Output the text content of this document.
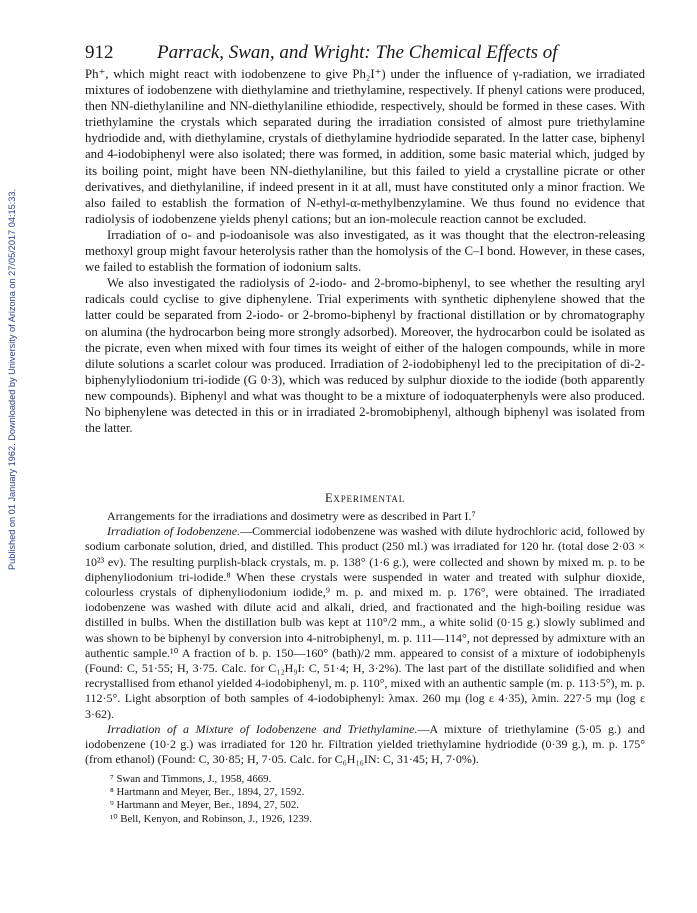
912 Parrack, Swan, and Wright: The Chemical Effects of
Published on 01 January 1962. Downloaded by University of Arizona on 27/05/2017 04:15:33.

Ph⁺, which might react with iodobenzene to give Ph₂I⁺) under the influence of γ-radiation, we irradiated mixtures of iodobenzene with diethylamine and triethylamine, respectively. If phenyl cations were produced, then NN-diethylaniline and NN-diethylaniline ethiodide, respectively, should be formed in these cases. With triethylamine the crystals which separated during the irradiation consisted of almost pure triethylamine hydriodide and, with diethylamine, crystals of diethylamine hydriodide separated. In the latter case, biphenyl and 4-iodobiphenyl were also isolated; there was formed, in addition, some basic material which, judged by its boiling point, might have been NN-diethylaniline, but this failed to yield a crystalline picrate or other derivatives, and diethylaniline, if indeed present in it at all, must have constituted only a minor fraction. We also failed to establish the formation of N-ethyl-α-methylbenzylamine. We thus found no evidence that radiolysis of iodobenzene yields phenyl cations; but an ion-molecule reaction cannot be excluded.

Irradiation of o- and p-iodoanisole was also investigated, as it was thought that the electron-releasing methoxyl group might favour heterolysis rather than the homolysis of the C–I bond. However, in these cases, we failed to establish the formation of iodonium salts.

We also investigated the radiolysis of 2-iodo- and 2-bromo-biphenyl, to see whether the resulting aryl radicals could cyclise to give diphenylene. Trial experiments with synthetic diphenylene showed that the latter could be separated from 2-iodo- or 2-bromo-biphenyl by fractional distillation or by chromatography on alumina (the hydrocarbon being more strongly adsorbed). Moreover, the hydrocarbon could be isolated as the picrate, even when mixed with four times its weight of either of the halogen compounds, while in more dilute solutions a scarlet colour was produced. Irradiation of 2-iodobiphenyl led to the precipitation of di-2-biphenylyliodonium tri-iodide (G 0·3), which was reduced by sulphur dioxide to the iodide (both apparently new compounds). Biphenyl and what was thought to be a mixture of iodoquaterphenyls were also produced. No biphenylene was detected in this or in irradiated 2-bromobiphenyl, although biphenyl was isolated from the latter.

Experimental

Arrangements for the irradiations and dosimetry were as described in Part I.⁷

Irradiation of Iodobenzene.—Commercial iodobenzene was washed with dilute hydrochloric acid, followed by sodium carbonate solution, dried, and distilled. This product (250 ml.) was irradiated for 120 hr. (total dose 2·03 × 10²³ ev). The resulting purplish-black crystals, m. p. 138° (1·6 g.), were collected and shown by mixed m. p. to be diphenyliodonium tri-iodide.⁸ When these crystals were suspended in water and treated with sulphur dioxide, colourless crystals of diphenyliodonium iodide,⁹ m. p. and mixed m. p. 176°, were obtained. The irradiated iodobenzene was washed with dilute acid and alkali, dried, and fractionated and the high-boiling residue was distilled in bulbs. When the distillation bulb was kept at 110°/2 mm., a white solid (0·15 g.) slowly sublimed and was shown to be biphenyl by conversion into 4-nitrobiphenyl, m. p. 111—114°, not depressed by admixture with an authentic sample.¹⁰ A fraction of b. p. 150—160° (bath)/2 mm. appeared to consist of a mixture of iodobiphenyls (Found: C, 51·55; H, 3·75. Calc. for C₁₂H₉I: C, 51·4; H, 3·2%). The last part of the distillate solidified and when recrystallised from ethanol yielded 4-iodobiphenyl, m. p. 110°, mixed with an authentic sample (m. p. 113·5°), m. p. 112·5°. Light absorption of both samples of 4-iodobiphenyl: λmax. 260 mμ (log ε 4·35), λmin. 227·5 mμ (log ε 3·62).

Irradiation of a Mixture of Iodobenzene and Triethylamine.—A mixture of triethylamine (5·05 g.) and iodobenzene (10·2 g.) was irradiated for 120 hr. Filtration yielded triethylamine hydriodide (0·39 g.), m. p. 175° (from ethanol) (Found: C, 30·85; H, 7·05. Calc. for C₆H₁₆IN: C, 31·45; H, 7·0%).

⁷ Swan and Timmons, J., 1958, 4669.

⁸ Hartmann and Meyer, Ber., 1894, 27, 1592.

⁹ Hartmann and Meyer, Ber., 1894, 27, 502.

¹⁰ Bell, Kenyon, and Robinson, J., 1926, 1239.
